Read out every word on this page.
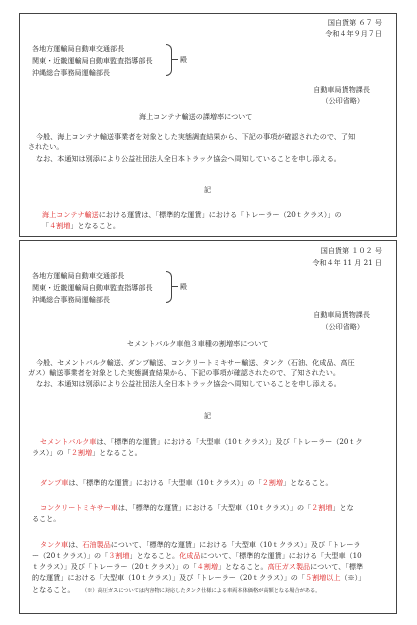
国自貨第 ６７ 号
令和４年９月７日
各地方運輸局自動車交通部長
関東・近畿運輸局自動車監査指導部長
沖縄総合事務局運輸部長
殿
自動車局貨物課長
（公印省略）
海上コンテナ輸送の課増率について
今般、海上コンテナ輸送事業者を対象とした実態調査結果から、下記の事項が確認されたので、了知
されたい。
なお、本通知は別添により公益社団法人全日本トラック協会へ周知していることを申し添える。
記
海上コンテナ輸送における運賃は、「標準的な運賃」における「トレーラー（20ｔクラス）」の
「４割増」となること。
国自貨第 １０２ 号
令和４年 11 月 21 日
各地方運輸局自動車交通部長
関東・近畿運輸局自動車監査指導部長
沖縄総合事務局運輸部長
殿
自動車局貨物課長
（公印省略）
セメントバルク車他３車種の割増率について
今般、セメントバルク輸送、ダンプ輸送、コンクリートミキサー輸送、タンク（石油、化成品、高圧
ガス）輸送事業者を対象とした実態調査結果から、下記の事項が確認されたので、了知されたい。
なお、本通知は別添により公益社団法人全日本トラック協会へ周知していることを申し添える。
記
セメントバルク車は、「標準的な運賃」における「大型車（10ｔクラス）」及び「トレーラー（20ｔク
ラス）」の「２割増」となること。
ダンプ車は、「標準的な運賃」における「大型車（10ｔクラス）」の「２割増」となること。
コンクリートミキサー車は、「標準的な運賃」における「大型車（10ｔクラス）」の「２割増」とな
ること。
タンク車は、石油製品について、「標準的な運賃」における「大型車（10ｔクラス）」及び「トレーラ
ー（20ｔクラス）」の「３割増」となること。化成品について、「標準的な運賃」における「大型車（10
ｔクラス）」及び「トレーラー（20ｔクラス）」の「４割増」となること。高圧ガス製品について、「標準
的な運賃」における「大型車（10ｔクラス）」及び「トレーラー（20ｔクラス）」の「５割増以上（※）」
となること。 （※）高圧ガスについては内容物に対応したタンク仕様による車両本体価格が高額となる場合がある。
